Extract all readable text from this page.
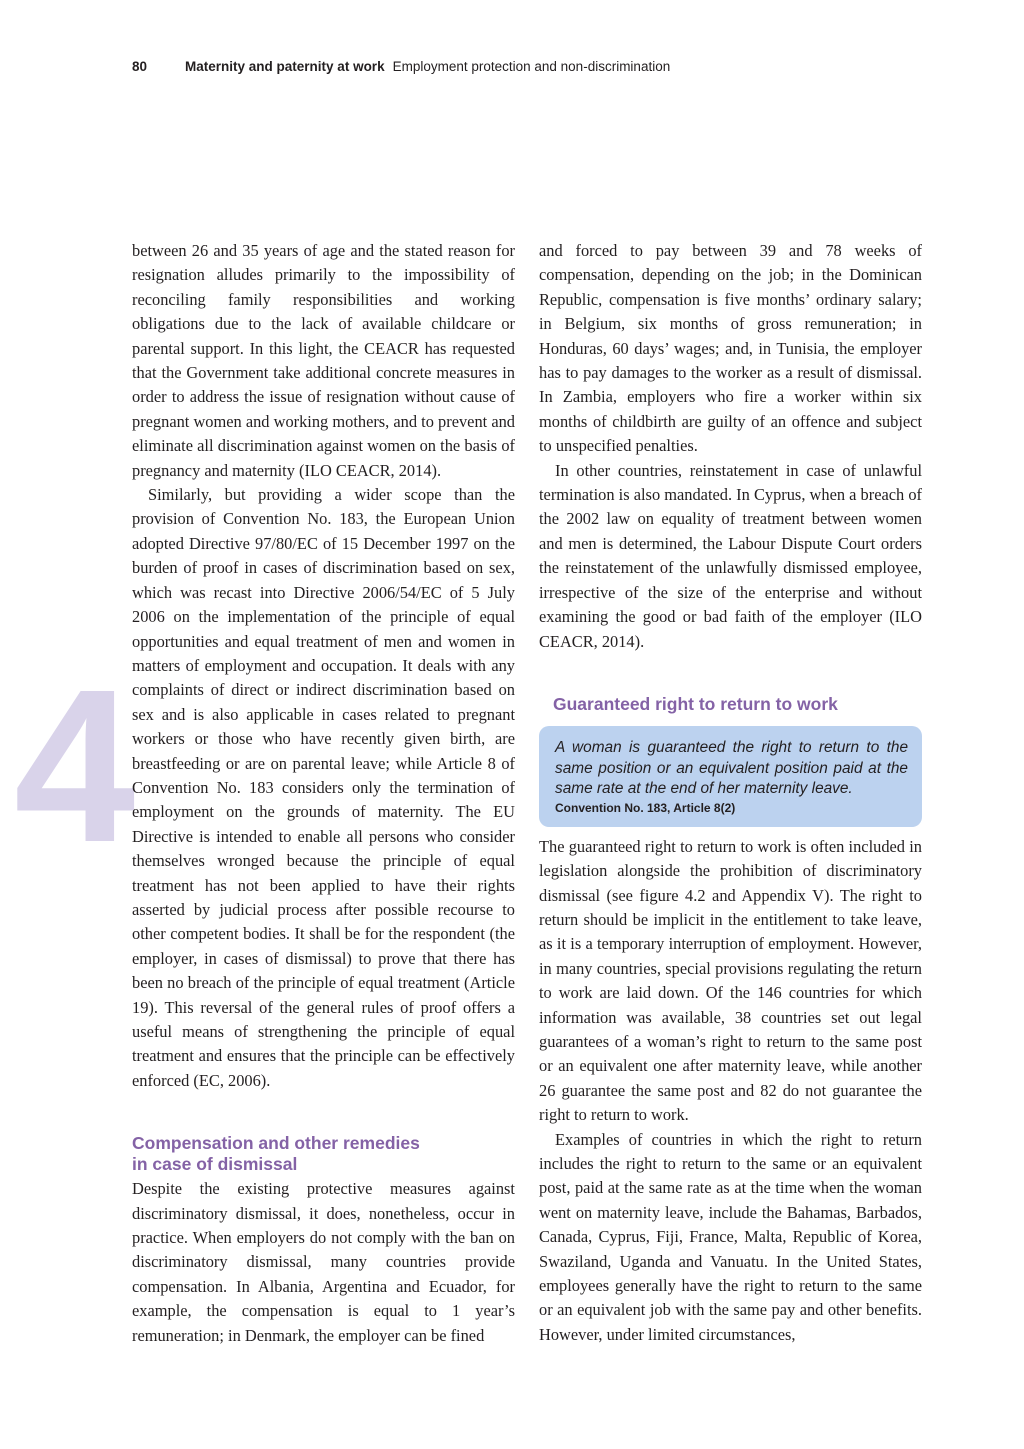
80	Maternity and paternity at work Employment protection and non-discrimination
4

between 26 and 35 years of age and the stated reason for resignation alludes primarily to the impossibility of reconciling family responsibilities and working obligations due to the lack of available childcare or parental support. In this light, the CEACR has requested that the Government take additional concrete measures in order to address the issue of resignation without cause of pregnant women and working mothers, and to prevent and eliminate all discrimination against women on the basis of pregnancy and maternity (ILO CEACR, 2014).

Similarly, but providing a wider scope than the provision of Convention No. 183, the European Union adopted Directive 97/80/EC of 15 December 1997 on the burden of proof in cases of discrimination based on sex, which was recast into Directive 2006/54/EC of 5 July 2006 on the implementation of the principle of equal opportunities and equal treatment of men and women in matters of employment and occupation. It deals with any complaints of direct or indirect discrimination based on sex and is also applicable in cases related to pregnant workers or those who have recently given birth, are breastfeeding or are on parental leave; while Article 8 of Convention No. 183 considers only the termination of employment on the grounds of maternity. The EU Directive is intended to enable all persons who consider themselves wronged because the principle of equal treatment has not been applied to have their rights asserted by judicial process after possible recourse to other competent bodies. It shall be for the respondent (the employer, in cases of dismissal) to prove that there has been no breach of the principle of equal treatment (Article 19). This reversal of the general rules of proof offers a useful means of strengthening the principle of equal treatment and ensures that the principle can be effectively enforced (EC, 2006).

Compensation and other remedies
in case of dismissal

Despite the existing protective measures against discriminatory dismissal, it does, nonetheless, occur in practice. When employers do not comply with the ban on discriminatory dismissal, many countries provide compensation. In Albania, Argentina and Ecuador, for example, the compensation is equal to 1 year’s remuneration; in Denmark, the employer can be fined

and forced to pay between 39 and 78 weeks of compensation, depending on the job; in the Dominican Republic, compensation is five months’ ordinary salary; in Belgium, six months of gross remuneration; in Honduras, 60 days’ wages; and, in Tunisia, the employer has to pay damages to the worker as a result of dismissal. In Zambia, employers who fire a worker within six months of childbirth are guilty of an offence and subject to unspecified penalties.

In other countries, reinstatement in case of unlawful termination is also mandated. In Cyprus, when a breach of the 2002 law on equality of treatment between women and men is determined, the Labour Dispute Court orders the reinstatement of the unlawfully dismissed employee, irrespective of the size of the enterprise and without examining the good or bad faith of the employer (ILO CEACR, 2014).

Guaranteed right to return to work

A woman is guaranteed the right to return to the same position or an equivalent position paid at the same rate at the end of her maternity leave.

Convention No. 183, Article 8(2)

The guaranteed right to return to work is often included in legislation alongside the prohibition of discriminatory dismissal (see figure 4.2 and Appendix V). The right to return should be implicit in the entitlement to take leave, as it is a temporary interruption of employment. However, in many countries, special provisions regulating the return to work are laid down. Of the 146 countries for which information was available, 38 countries set out legal guarantees of a woman’s right to return to the same post or an equivalent one after maternity leave, while another 26 guarantee the same post and 82 do not guarantee the right to return to work.

Examples of countries in which the right to return includes the right to return to the same or an equivalent post, paid at the same rate as at the time when the woman went on maternity leave, include the Bahamas, Barbados, Canada, Cyprus, Fiji, France, Malta, Republic of Korea, Swaziland, Uganda and Vanuatu. In the United States, employees generally have the right to return to the same or an equivalent job with the same pay and other benefits. However, under limited circumstances,
